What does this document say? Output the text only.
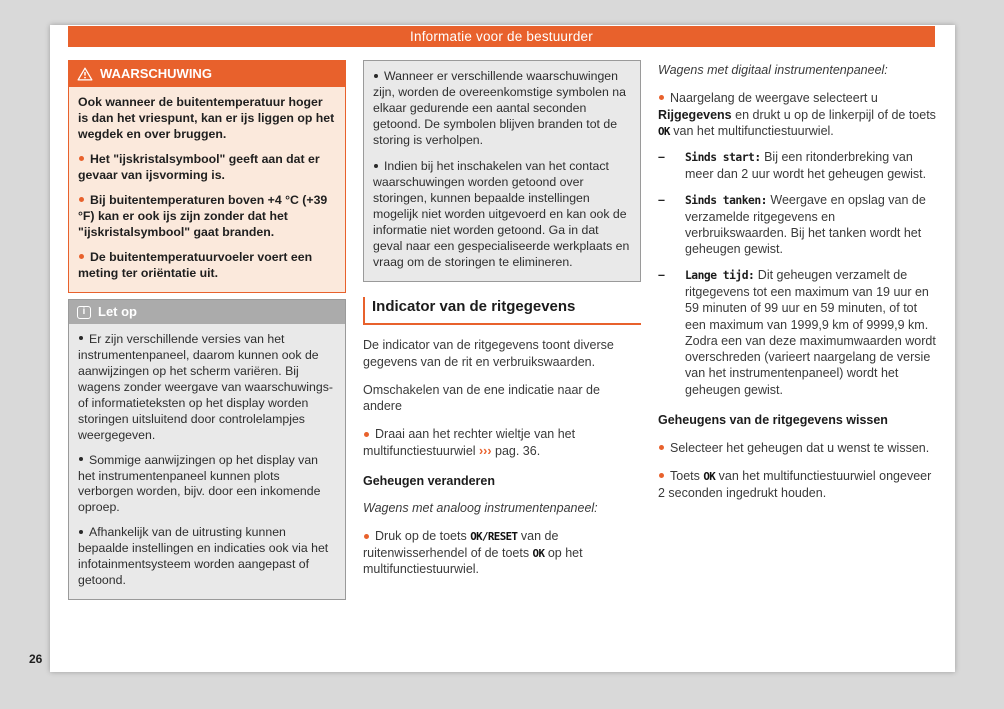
Informatie voor de bestuurder
WAARSCHUWING

Ook wanneer de buitentemperatuur hoger is dan het vriespunt, kan er ijs liggen op het wegdek en over bruggen.

Het "ijskristalsymbool" geeft aan dat er gevaar van ijsvorming is.

Bij buitentemperaturen boven +4 °C (+39 °F) kan er ook ijs zijn zonder dat het "ijskristalsymbool" gaat branden.

De buitentemperatuurvoeler voert een meting ter oriëntatie uit.

i Let op

Er zijn verschillende versies van het instrumentenpaneel, daarom kunnen ook de aanwijzingen op het scherm variëren. Bij wagens zonder weergave van waarschuwings- of informatieteksten op het display worden storingen uitsluitend door controlelampjes weergegeven.

Sommige aanwijzingen op het display van het instrumentenpaneel kunnen plots verborgen worden, bijv. door een inkomende oproep.

Afhankelijk van de uitrusting kunnen bepaalde instellingen en indicaties ook via het infotainmentsysteem worden aangepast of getoond.

Wanneer er verschillende waarschuwingen zijn, worden de overeenkomstige symbolen na elkaar gedurende een aantal seconden getoond. De symbolen blijven branden tot de storing is verholpen.

Indien bij het inschakelen van het contact waarschuwingen worden getoond over storingen, kunnen bepaalde instellingen mogelijk niet worden uitgevoerd en kan ook de informatie niet worden getoond. Ga in dat geval naar een gespecialiseerde werkplaats en vraag om de storingen te elimineren.

Indicator van de ritgegevens

De indicator van de ritgegevens toont diverse gegevens van de rit en verbruikswaarden.

Omschakelen van de ene indicatie naar de andere

Draai aan het rechter wieltje van het multifunctiestuurwiel ››› pag. 36.

Geheugen veranderen

Wagens met analoog instrumentenpaneel:

Druk op de toets OK/RESET van de ruitenwisserhendel of de toets OK op het multifunctiestuurwiel.

Wagens met digitaal instrumentenpaneel:

Naargelang de weergave selecteert u Rijgegevens en drukt u op de linkerpijl of de toets OK van het multifunctiestuurwiel.

–	Sinds start: Bij een ritonderbreking van meer dan 2 uur wordt het geheugen gewist.
–	Sinds tanken: Weergave en opslag van de verzamelde ritgegevens en verbruikswaarden. Bij het tanken wordt het geheugen gewist.
–	Lange tijd: Dit geheugen verzamelt de ritgegevens tot een maximum van 19 uur en 59 minuten of 99 uur en 59 minuten, of tot een maximum van 1999,9 km of 9999,9 km. Zodra een van deze maximumwaarden wordt overschreden (varieert naargelang de versie van het instrumentenpaneel) wordt het geheugen gewist.

Geheugens van de ritgegevens wissen

Selecteer het geheugen dat u wenst te wissen.

Toets OK van het multifunctiestuurwiel ongeveer 2 seconden ingedrukt houden.

26
